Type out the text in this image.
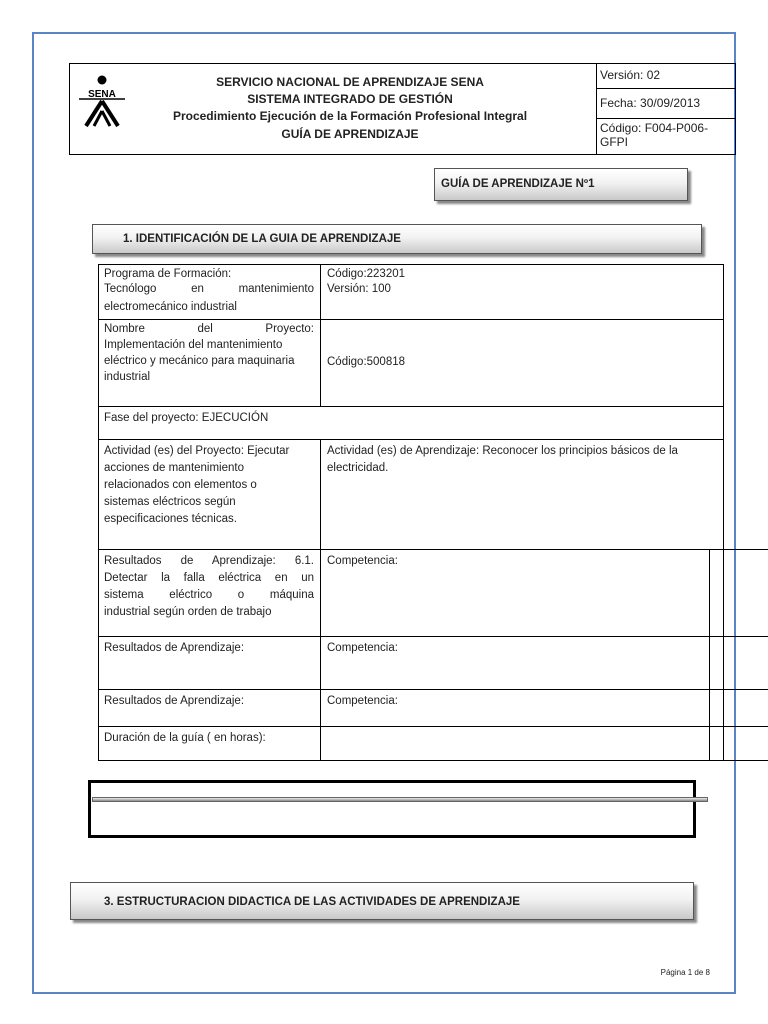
SENA
SERVICIO NACIONAL DE APRENDIZAJE SENA
SISTEMA INTEGRADO DE GESTIÓN
Procedimiento Ejecución de la Formación Profesional Integral
GUÍA DE APRENDIZAJE
Versión: 02
Fecha: 30/09/2013
Código: F004-P006-
GFPI
GUÍA DE APRENDIZAJE Nº1
1. IDENTIFICACIÓN DE LA GUIA DE APRENDIZAJE
Programa de Formación:
Tecnólogo en mantenimiento
electromecánico industrial
Código:223201
Versión: 100
Nombre del Proyecto:
Implementación del mantenimiento
eléctrico y mecánico para maquinaria
industrial
Código:500818
Fase del proyecto: EJECUCIÓN
Actividad (es) del Proyecto: Ejecutar
acciones de mantenimiento
relacionados con elementos o
sistemas eléctricos según
especificaciones técnicas.
Actividad (es) de Aprendizaje: Reconocer los principios básicos de la
electricidad.
Resultados de Aprendizaje: 6.1.
Detectar la falla eléctrica en un
sistema eléctrico o máquina
industrial según orden de trabajo
Competencia:
Resultados de Aprendizaje:	Competencia:
Resultados de Aprendizaje:	Competencia:
Duración de la guía ( en horas):
3. ESTRUCTURACION DIDACTICA DE LAS ACTIVIDADES DE APRENDIZAJE
Página 1 de 8
